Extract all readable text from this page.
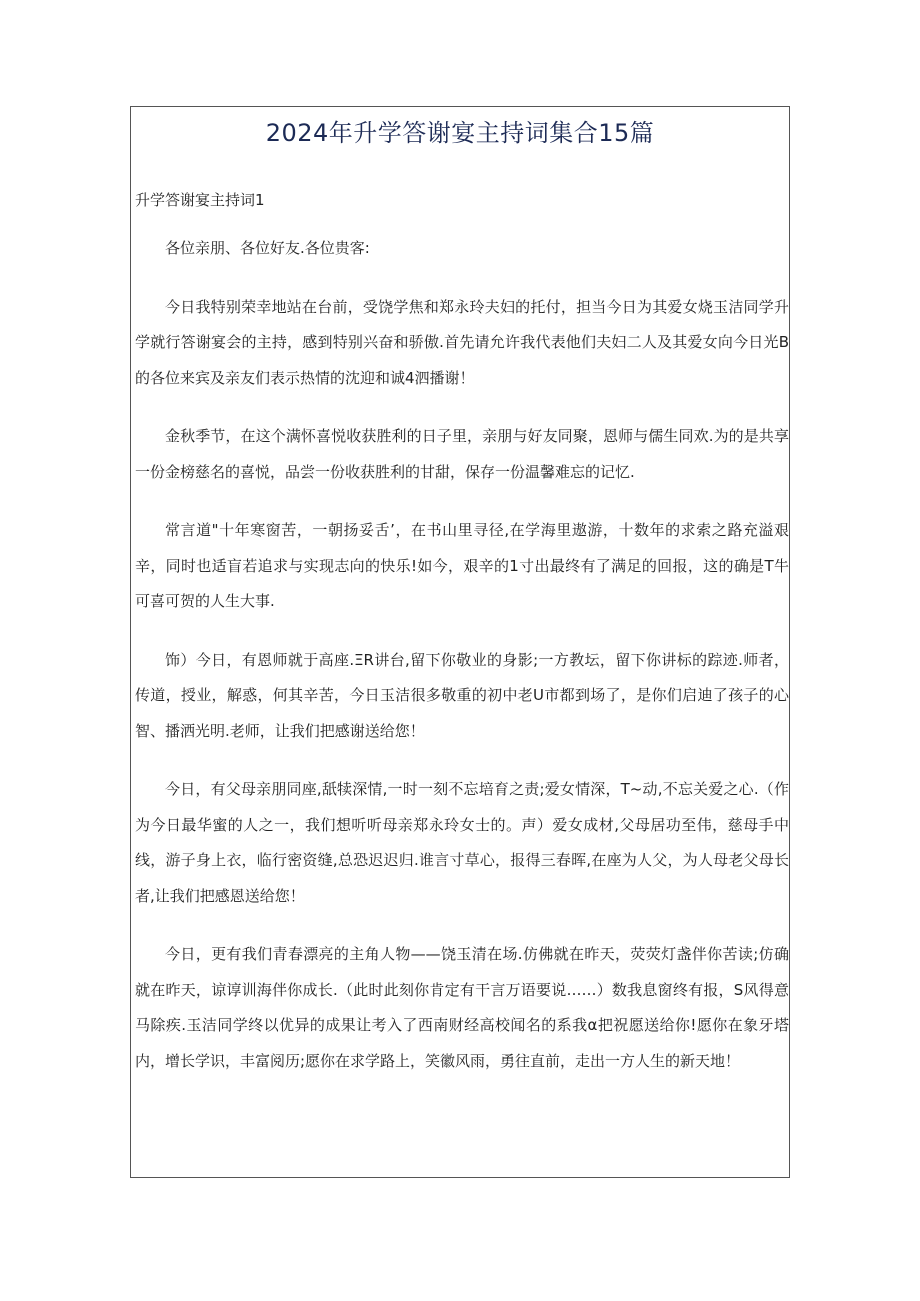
2024年升学答谢宴主持词集合15篇
升学答谢宴主持词1

各位亲朋、各位好友.各位贵客:

今日我特别荣幸地站在台前，受饶学焦和郑永玲夫妇的托付，担当今日为其爱女烧玉洁同学升学就行答谢宴会的主持，感到特别兴奋和骄傲.首先请允许我代表他们夫妇二人及其爱女向今日光B的各位来宾及亲友们表示热情的沈迎和诚4泗播谢！

金秋季节，在这个满怀喜悦收获胜利的日子里，亲朋与好友同聚，恩师与儒生同欢.为的是共享一份金榜慈名的喜悦，品尝一份收获胜利的甘甜，保存一份温馨难忘的记忆.

常言道"十年寒窗苦，一朝扬妥舌’，在书山里寻径,在学海里遨游，十数年的求索之路充溢艰辛，同时也适盲若追求与实现志向的快乐!如今，艰辛的1寸出最终有了满足的回报，这的确是T牛可喜可贺的人生大事.

饰）今日，有恩师就于高座.ΞR讲台,留下你敬业的身影;一方教坛，留下你讲标的踪迹.师者，传道，授业，解惑，何其辛苦，今日玉洁很多敬重的初中老U市都到场了，是你们启迪了孩子的心智、播洒光明.老师，让我们把感谢送给您！

今日，有父母亲朋同座,舐犊深情,一时一刻不忘培育之责;爱女情深，T~动,不忘关爱之心.（作为今日最华蜜的人之一，我们想听听母亲郑永玲女士的。声）爱女成材,父母居功至伟，慈母手中线，游子身上衣，临行密资缝,总恐迟迟归.谁言寸草心，报得三春晖,在座为人父，为人母老父母长者,让我们把感恩送给您！

今日，更有我们青春漂亮的主角人物——饶玉清在场.仿佛就在昨天，荧荧灯盏伴你苦读;仿确就在昨天，谅谆训海伴你成长.（此时此刻你肯定有干言万语要说……）数我息窗终有报，S风得意马除疾.玉洁同学终以优异的成果让考入了西南财经高校闻名的系我α把祝愿送给你!愿你在象牙塔内，增长学识，丰富阅历;愿你在求学路上，笑徽风雨，勇往直前，走出一方人生的新天地！
